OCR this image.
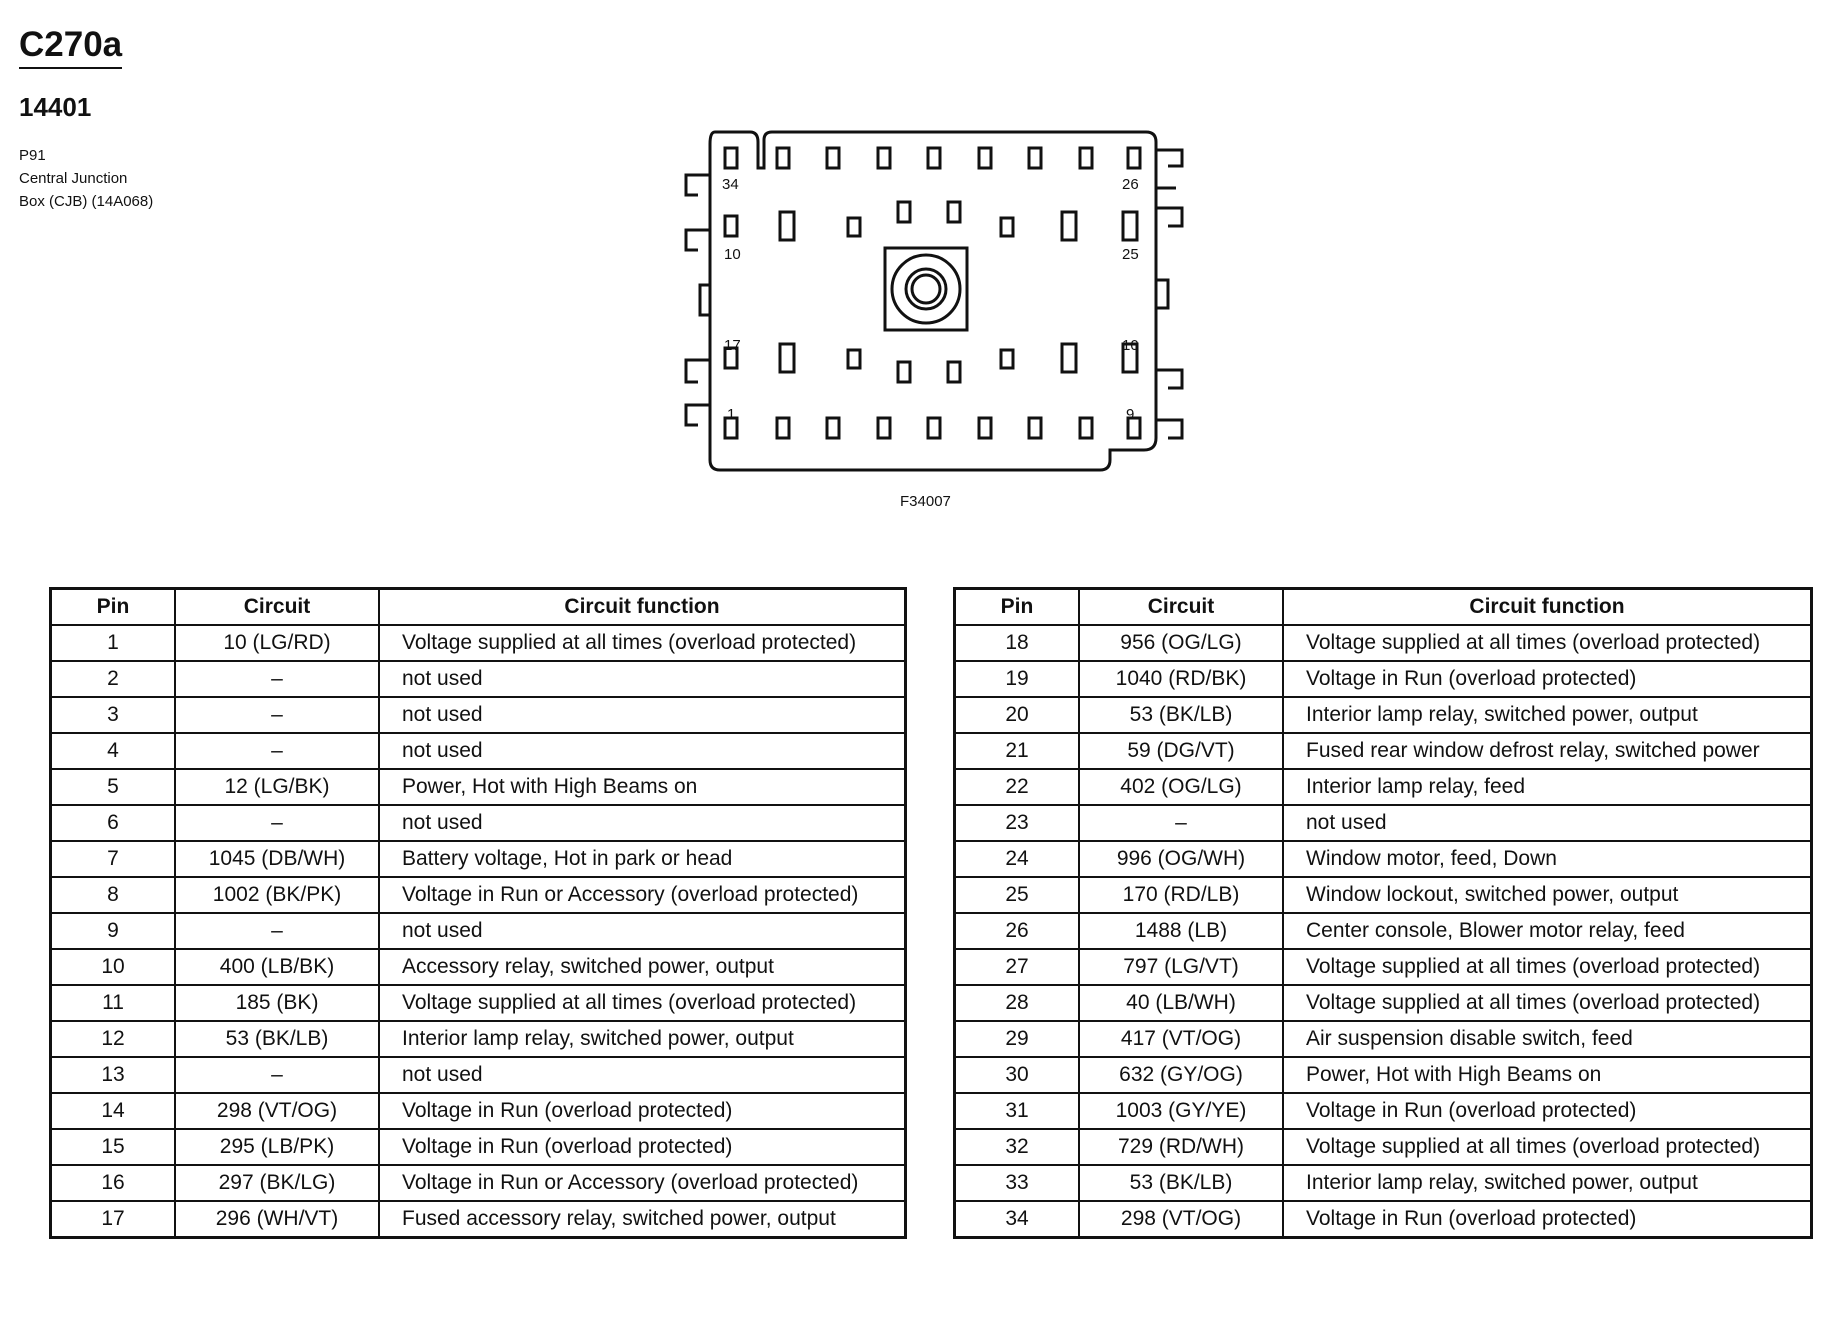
C270a
14401
P91
Central Junction
Box (CJB) (14A068)
34	26
10	25
17	10
1	9
F34007
Pin	Circuit	Circuit function
1	10 (LG/RD)	Voltage supplied at all times (overload protected)
2	–	not used
3	–	not used
4	–	not used
5	12 (LG/BK)	Power, Hot with High Beams on
6	–	not used
7	1045 (DB/WH)	Battery voltage, Hot in park or head
8	1002 (BK/PK)	Voltage in Run or Accessory (overload protected)
9	–	not used
10	400 (LB/BK)	Accessory relay, switched power, output
11	185 (BK)	Voltage supplied at all times (overload protected)
12	53 (BK/LB)	Interior lamp relay, switched power, output
13	–	not used
14	298 (VT/OG)	Voltage in Run (overload protected)
15	295 (LB/PK)	Voltage in Run (overload protected)
16	297 (BK/LG)	Voltage in Run or Accessory (overload protected)
17	296 (WH/VT)	Fused accessory relay, switched power, output
Pin	Circuit	Circuit function
18	956 (OG/LG)	Voltage supplied at all times (overload protected)
19	1040 (RD/BK)	Voltage in Run (overload protected)
20	53 (BK/LB)	Interior lamp relay, switched power, output
21	59 (DG/VT)	Fused rear window defrost relay, switched power
22	402 (OG/LG)	Interior lamp relay, feed
23	–	not used
24	996 (OG/WH)	Window motor, feed, Down
25	170 (RD/LB)	Window lockout, switched power, output
26	1488 (LB)	Center console, Blower motor relay, feed
27	797 (LG/VT)	Voltage supplied at all times (overload protected)
28	40 (LB/WH)	Voltage supplied at all times (overload protected)
29	417 (VT/OG)	Air suspension disable switch, feed
30	632 (GY/OG)	Power, Hot with High Beams on
31	1003 (GY/YE)	Voltage in Run (overload protected)
32	729 (RD/WH)	Voltage supplied at all times (overload protected)
33	53 (BK/LB)	Interior lamp relay, switched power, output
34	298 (VT/OG)	Voltage in Run (overload protected)
